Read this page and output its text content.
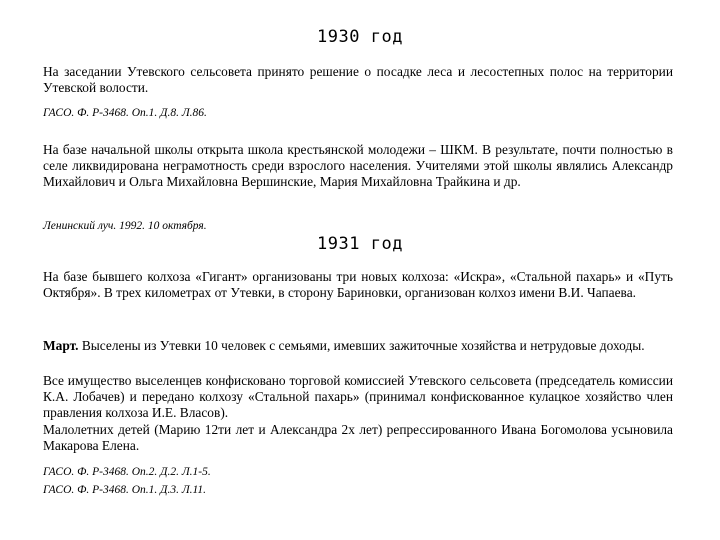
1930 год
На заседании Утевского сельсовета принято решение о посадке леса и лесостепных полос на территории Утевской волости.
ГАСО. Ф. Р-3468. Оп.1. Д.8. Л.86.
На базе начальной школы открыта школа крестьянской молодежи – ШКМ. В результате, почти полностью в селе ликвидирована неграмотность среди взрослого населения. Учителями этой школы являлись Александр Михайлович и Ольга Михайловна Вершинские, Мария Михайловна Трайкина и др.
Ленинский луч. 1992. 10 октября.
1931 год
На базе бывшего колхоза «Гигант» организованы три новых колхоза: «Искра», «Стальной пахарь» и «Путь Октября». В трех километрах от Утевки, в сторону Бариновки, организован колхоз имени В.И. Чапаева.
Март. Выселены из Утевки 10 человек с семьями, имевших зажиточные хозяйства и нетрудовые доходы.
Все имущество выселенцев конфисковано торговой комиссией Утевского сельсовета (председатель комиссии К.А. Лобачев) и передано колхозу «Стальной пахарь» (принимал конфискованное кулацкое хозяйство член правления колхоза И.Е. Власов).
Малолетних детей (Марию 12ти лет и Александра 2х лет) репрессированного Ивана Богомолова усыновила Макарова Елена.
ГАСО. Ф. Р-3468. Оп.2. Д.2. Л.1-5.
ГАСО. Ф. Р-3468. Оп.1. Д.3. Л.11.
